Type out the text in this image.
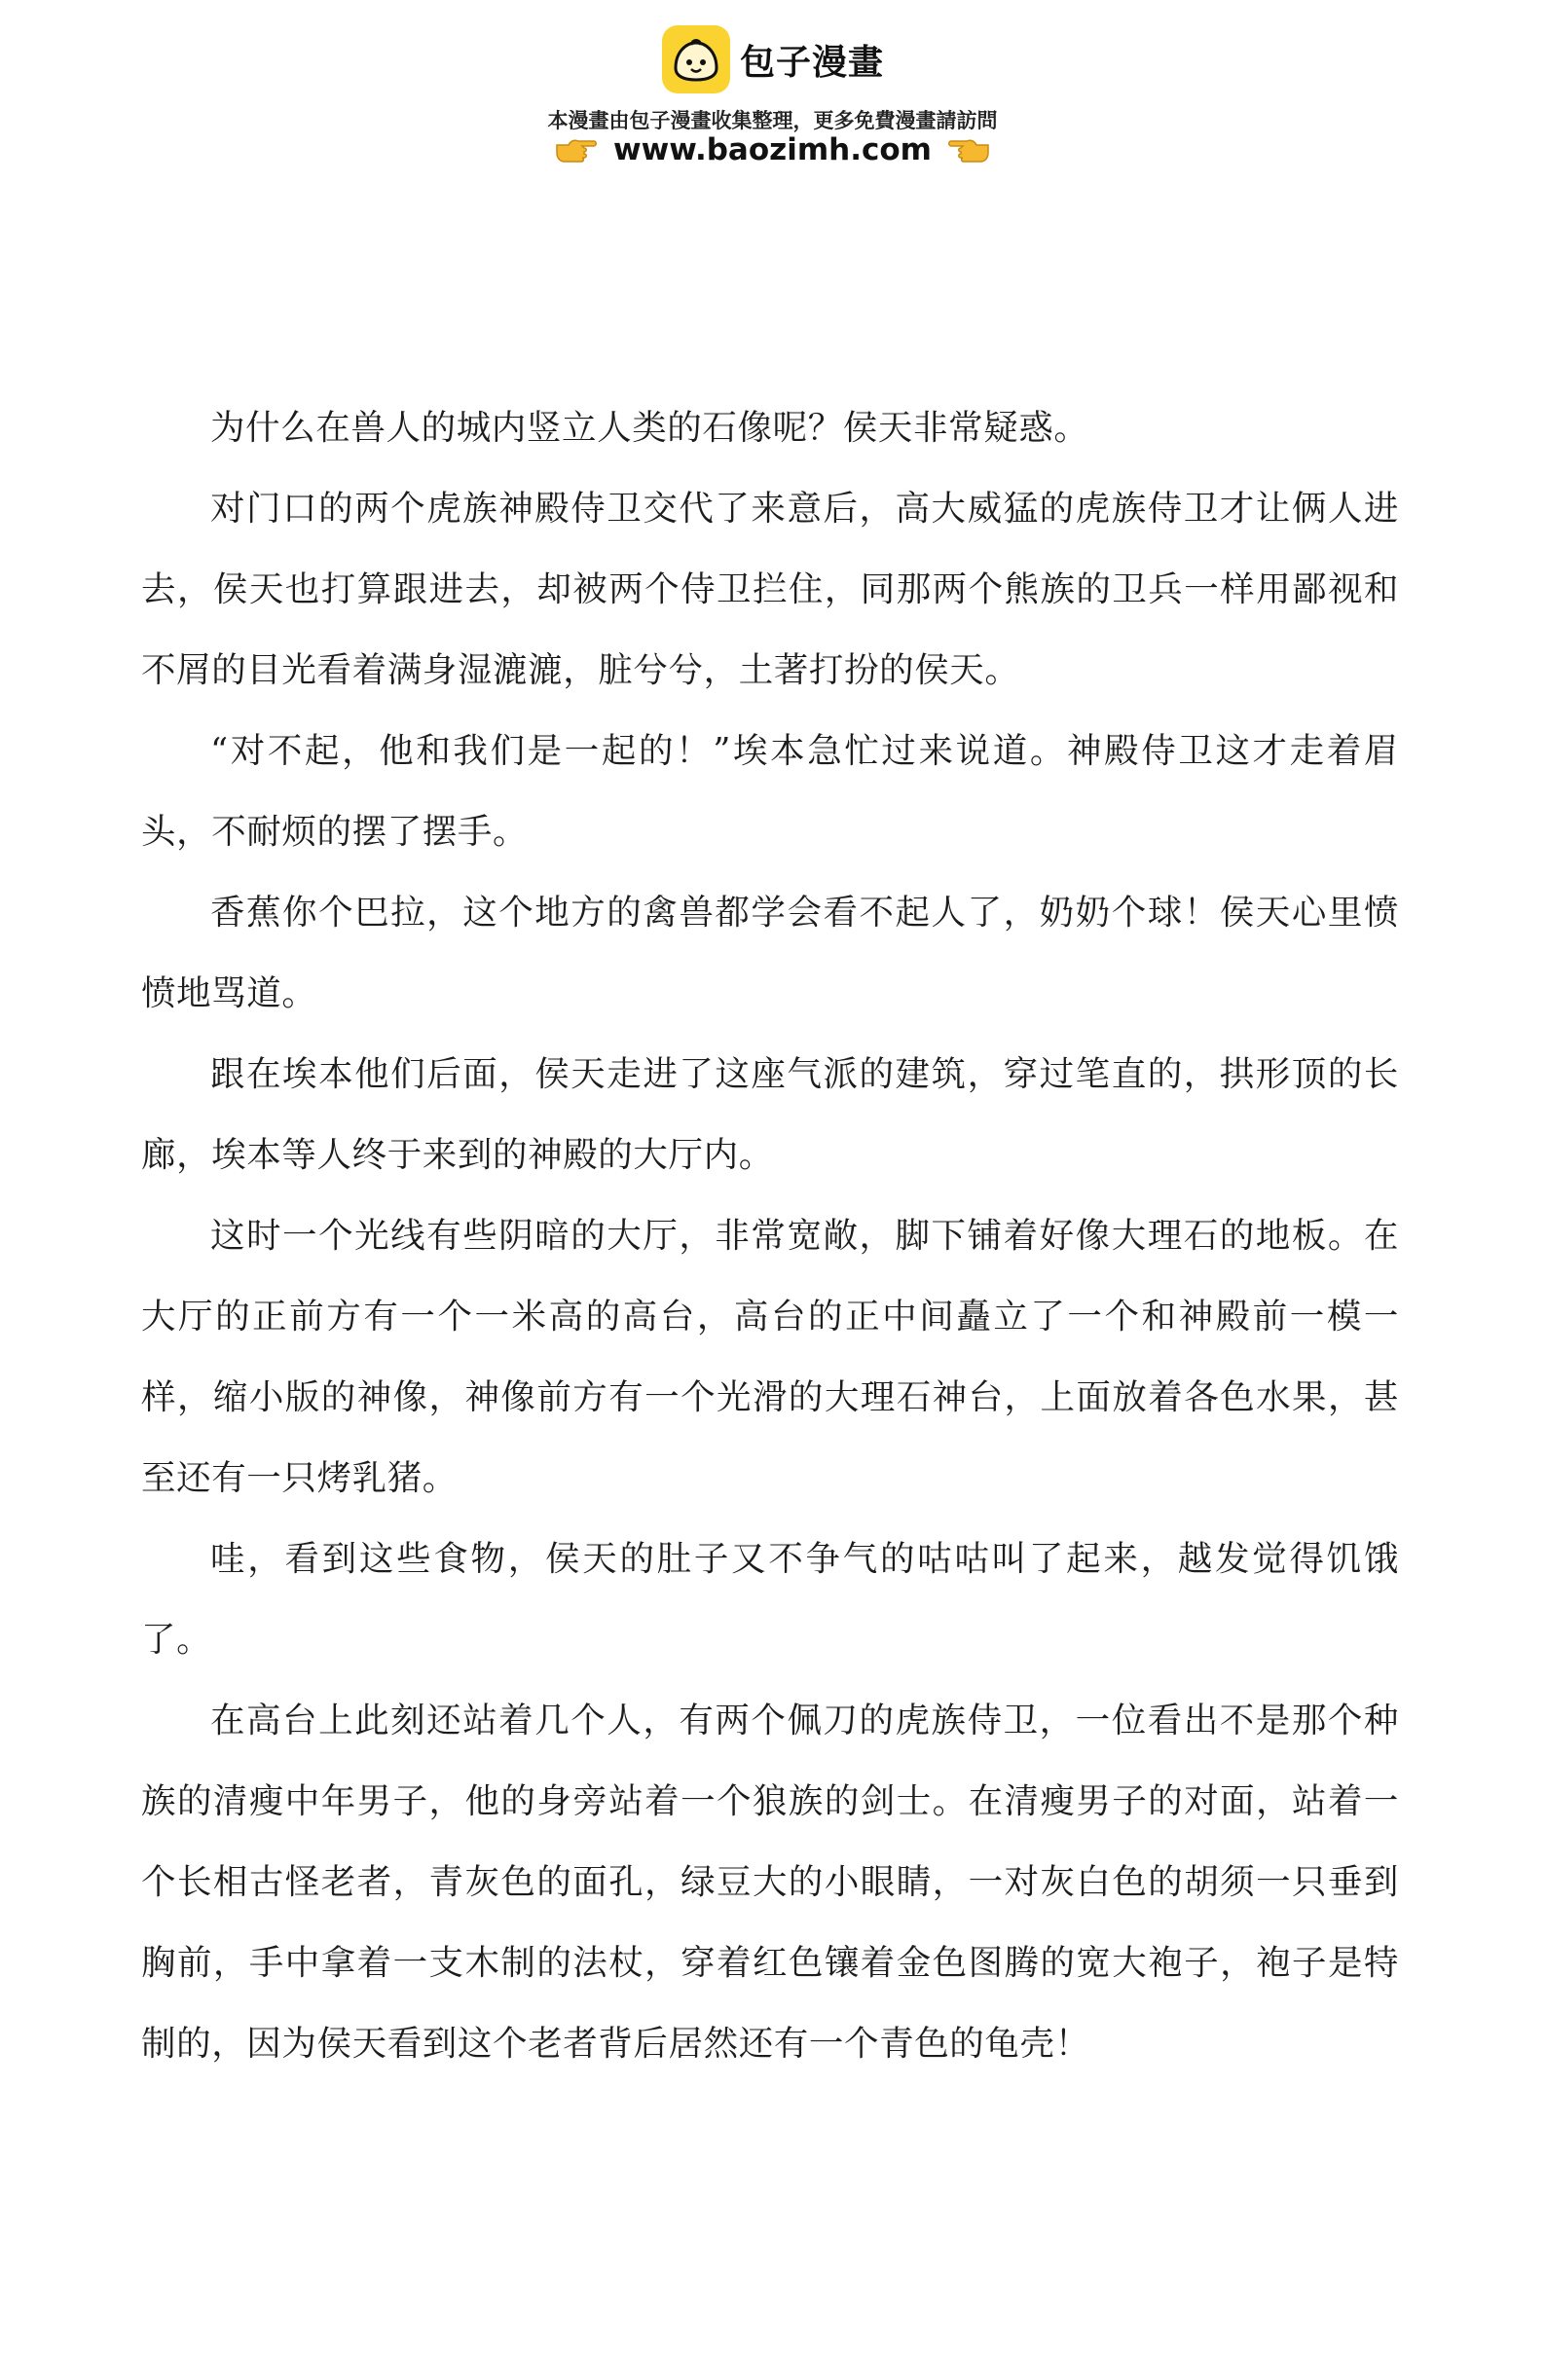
包子漫畫
本漫畫由包子漫畫收集整理，更多免費漫畫請訪問
www.baozimh.com

为什么在兽人的城内竖立人类的石像呢？侯天非常疑惑。

对门口的两个虎族神殿侍卫交代了来意后，高大威猛的虎族侍卫才让俩人进去，侯天也打算跟进去，却被两个侍卫拦住，同那两个熊族的卫兵一样用鄙视和不屑的目光看着满身湿漉漉，脏兮兮，土著打扮的侯天。

“对不起，他和我们是一起的！”埃本急忙过来说道。神殿侍卫这才走着眉头，不耐烦的摆了摆手。

香蕉你个巴拉，这个地方的禽兽都学会看不起人了，奶奶个球！侯天心里愤愤地骂道。

跟在埃本他们后面，侯天走进了这座气派的建筑，穿过笔直的，拱形顶的长廊，埃本等人终于来到的神殿的大厅内。

这时一个光线有些阴暗的大厅，非常宽敞，脚下铺着好像大理石的地板。在大厅的正前方有一个一米高的高台，高台的正中间矗立了一个和神殿前一模一样，缩小版的神像，神像前方有一个光滑的大理石神台，上面放着各色水果，甚至还有一只烤乳猪。

哇，看到这些食物，侯天的肚子又不争气的咕咕叫了起来，越发觉得饥饿了。

在高台上此刻还站着几个人，有两个佩刀的虎族侍卫，一位看出不是那个种族的清瘦中年男子，他的身旁站着一个狼族的剑士。在清瘦男子的对面，站着一个长相古怪老者，青灰色的面孔，绿豆大的小眼睛，一对灰白色的胡须一只垂到胸前，手中拿着一支木制的法杖，穿着红色镶着金色图腾的宽大袍子，袍子是特制的，因为侯天看到这个老者背后居然还有一个青色的龟壳！
